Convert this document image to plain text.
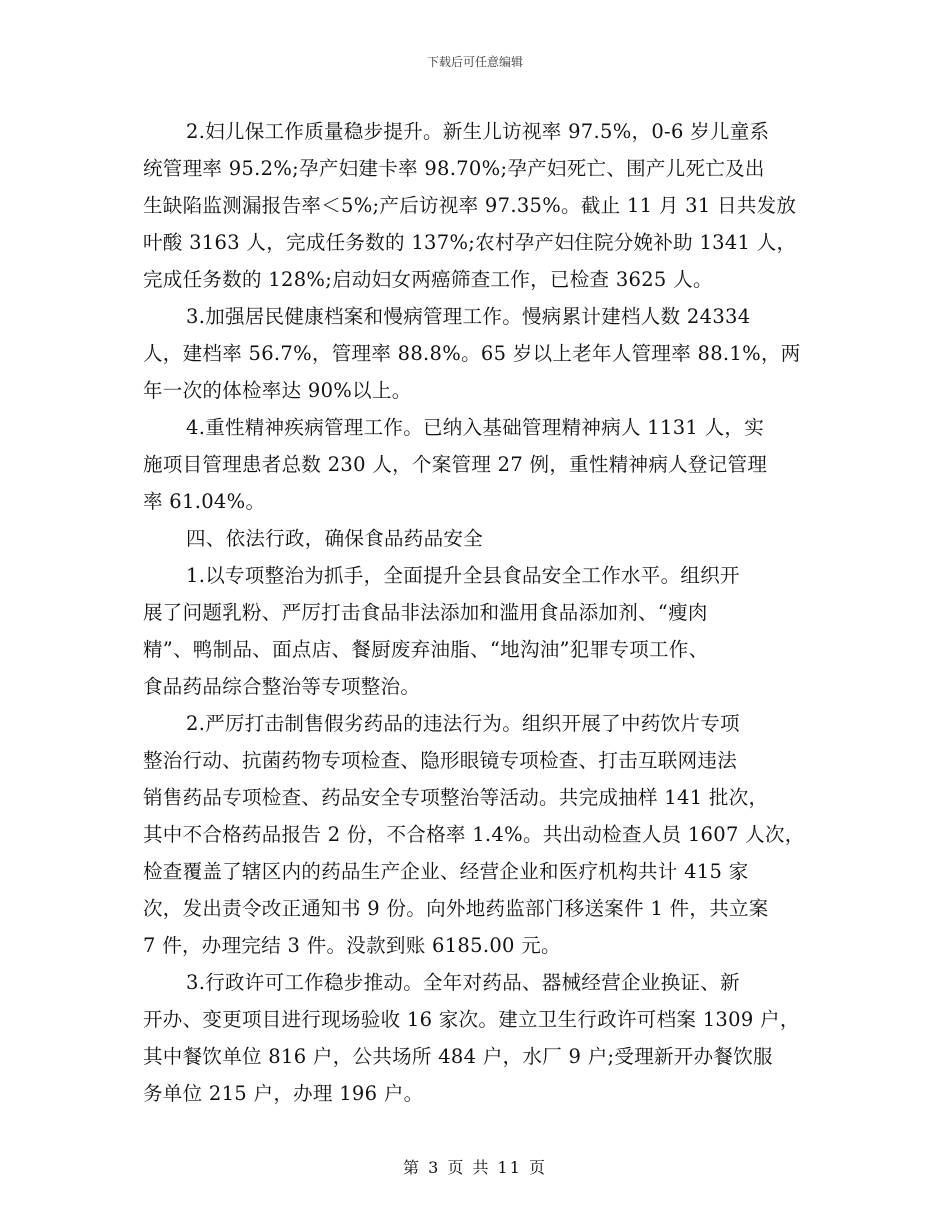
下载后可任意编辑
2.妇儿保工作质量稳步提升。新生儿访视率 97.5%，0-6 岁儿童系
统管理率 95.2%;孕产妇建卡率 98.70%;孕产妇死亡、围产儿死亡及出
生缺陷监测漏报告率＜5%;产后访视率 97.35%。截止 11 月 31 日共发放
叶酸 3163 人，完成任务数的 137%;农村孕产妇住院分娩补助 1341 人，
完成任务数的 128%;启动妇女两癌筛查工作，已检查 3625 人。
3.加强居民健康档案和慢病管理工作。慢病累计建档人数 24334
人，建档率 56.7%，管理率 88.8%。65 岁以上老年人管理率 88.1%，两
年一次的体检率达 90%以上。
4.重性精神疾病管理工作。已纳入基础管理精神病人 1131 人，实
施项目管理患者总数 230 人，个案管理 27 例，重性精神病人登记管理
率 61.04%。
四、依法行政，确保食品药品安全
1.以专项整治为抓手，全面提升全县食品安全工作水平。组织开
展了问题乳粉、严厉打击食品非法添加和滥用食品添加剂、“瘦肉
精”、鸭制品、面点店、餐厨废弃油脂、“地沟油”犯罪专项工作、
食品药品综合整治等专项整治。
2.严厉打击制售假劣药品的违法行为。组织开展了中药饮片专项
整治行动、抗菌药物专项检查、隐形眼镜专项检查、打击互联网违法
销售药品专项检查、药品安全专项整治等活动。共完成抽样 141 批次，
其中不合格药品报告 2 份，不合格率 1.4%。共出动检查人员 1607 人次，
检查覆盖了辖区内的药品生产企业、经营企业和医疗机构共计 415 家
次，发出责令改正通知书 9 份。向外地药监部门移送案件 1 件，共立案
7 件，办理完结 3 件。没款到账 6185.00 元。
3.行政许可工作稳步推动。全年对药品、器械经营企业换证、新
开办、变更项目进行现场验收 16 家次。建立卫生行政许可档案 1309 户，
其中餐饮单位 816 户，公共场所 484 户，水厂 9 户;受理新开办餐饮服
务单位 215 户，办理 196 户。
第 3 页 共 11 页
